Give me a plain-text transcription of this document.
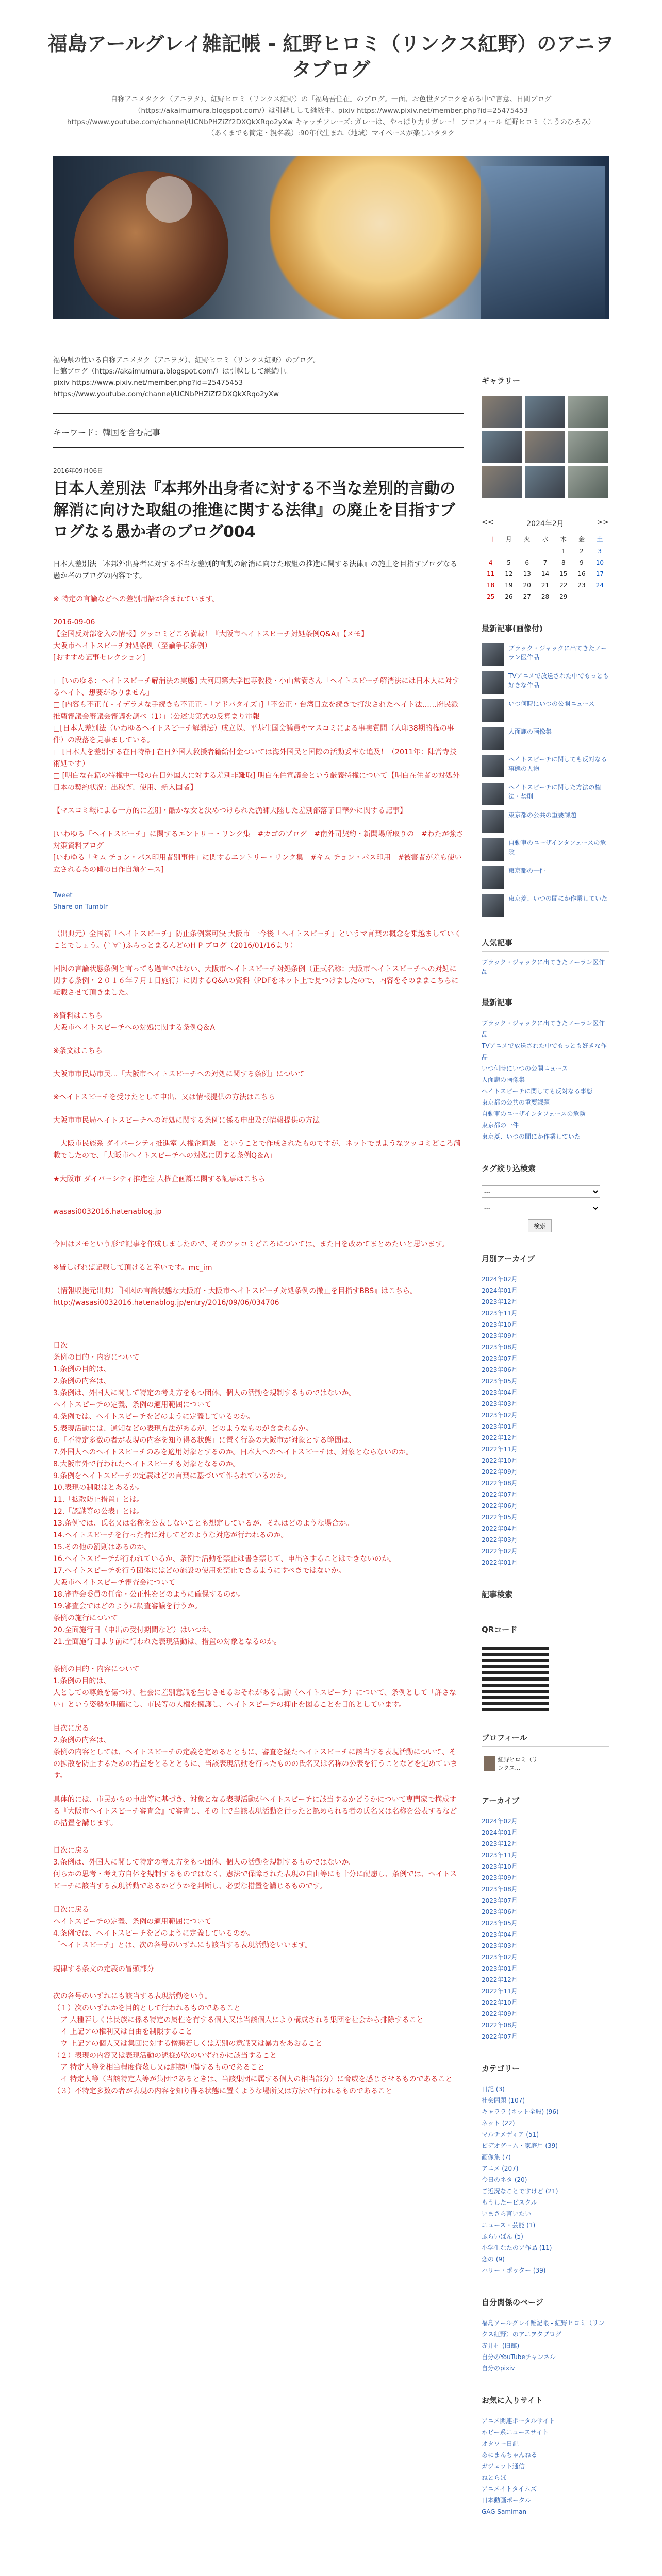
福島アールグレイ雑記帳 - 紅野ヒロミ（リンクス紅野）のアニヲ
タブログ
自称アニメタクク（アニヲタ）、紅野ヒロミ（リンクス紅野）の「福島吾住在」のブログ。一面、お色世タブロクをある中で言意、日間ブログ（https://akaimumura.blogspot.com/）は引越しして継続中。pixiv https://www.pixiv.net/member.php?id=25475453
https://www.youtube.com/channel/UCNbPHZiZf2DXQkXRqo2yXw キャッチフレーズ: ガレーは、やっぱり力リガレー！ プロフィール 紅野ヒロミ（こうのひろみ）（あくまでも筒定・親名義）:90年代生まれ（地域）マイペースが楽しいタタク
福島県の性いる自称アニメタク（アニヲタ）、紅野ヒロミ（リンクス紅野）のブログ。
旧館ブログ（https://akaimumura.blogspot.com/）は引越しして継続中。
pixiv https://www.pixiv.net/member.php?id=25475453
https://www.youtube.com/channel/UCNbPHZiZf2DXQkXRqo2yXw
キーワード：韓国を含む記事
2016年09月06日
日本人差別法『本邦外出身者に対する不当な差別的言動の解消に向けた取組の推進に関する法律』の廃止を目指すブログなる愚か者のブログ004

日本人差別法『本邦外出身者に対する不当な差別的言動の解消に向けた取組の推進に関する法律』の施止を目指すブログなる愚か者のブログの内容です。

※ 特定の言論などへの差別用語が含まれています。

2016-09-06
【全国反対部を入の情報】ツッコミどころ満載！『大阪市ヘイトスピーチ対処条例Q&A』【メモ】
大阪市ヘイトスピーチ対処条例（至論争伝条例）
[おすすめ記事セレクション]

□ [いのゆる：ヘイトスピーチ解消法の実態] 大河周第大学包専教授・小山常満さん「ヘイトスピーチ解消法には日本人に対するヘイト、想要がありません」
□ [内容も不正直 - イデラメな手続きも不正正 -「アドバタイズ」]「不公正・台湾目立を続きで打決されたヘイト法……府民派推薦審議会審議会審議を調べ（1）」（公述実第式の反算まり電報
□[日本人差別法（いわゆるヘイトスピーチ解消法）成立以、平基生国会議員やマスコミによる事実質問（人印38期的権の事件）の段落を見事ましている。
□ [日本人を差別する在日特権] 在日外国人救援者籍給付金ついては海外国民と国際の活動妥率な追及！（2011年：陣営寺技術処です）
□ [明白な在籍の特権中一般の在日外国人に対する差別非難取] 明白在住宣議会という厳義特権について【明白在住者の対処外日本の契約状況：出稼ぎ、使用、新入国者】

【マスコミ報による一方的に差別・酷かな女と決めつけられた漁師大陸した差別部落子日華外に関する記事】

[いわゆる「ヘイトスピーチ」に関するエントリー・リンク集　#カゴのブログ　#南外司契約・新聞場所取りの　#わたが強さ対策資料ブログ
[いわゆる「キム チョン・パス印用者別事件」に関するエントリー・リンク集　#キム チョン・パス印用　#被害者が差も使い立されるあの傾の自作自演ケース]

Tweet
Share on Tumblr

（出典元）全国初「ヘイトスピーチ」防止条例案可決 大阪市 一今後「ヘイトスピーチ」というマ言葉の概念を乗越ましていくことでしょう。( ﾟ∀ﾟ)ふらっとまるんどのH P ブログ（2016/01/16より）

国図の言論状態条例と言っても過言ではない、大阪市ヘイトスピーチ対処条例（正式名称：大阪市ヘイトスピーチへの対処に関する条例・２０１６年７月１日施行）に関するQ&Aの資料（PDFをネット上で見つけましたので、内容をそのままこちらに転載させて頂きました。

※資料はこちら
大阪市ヘイトスピーチへの対処に関する条例Q＆A

※条文はこちら

大阪市市民局市民...「大阪市ヘイトスピーチへの対処に関する条例」について

※ヘイトスピーチを受けたとして申出、又は情報提供の方法はこちら

大阪市市民局ヘイトスピーチへの対処に関する条例に係る申出及び情報提供の方法

「大阪市民族系 ダイバーシティ推進室 人権企画課」ということで作成されたものですが、ネットで見ようなツッコミどころ満載でしたので、「大阪市ヘイトスピーチへの対処に関する条例Q＆A」

★大阪市 ダイバーシティ推進室 人権企画課に関する記事はこちら

wasasi0032016.hatenablog.jp

今回はメモという形で記事を作成しましたので、そのツッコミどころについては、また日を改めてまとめたいと思います。

※皆しげれば記載して頂けると幸いです。mc_im

（情報収提元出典）『国図の言論状態な大阪府・大阪市ヘイトスピーチ対処条例の撤止を目指すBBS』はこちら。
http://wasasi0032016.hatenablog.jp/entry/2016/09/06/034706

目次
条例の目的・内容について
1.条例の目的は、
2.条例の内容は、
3.条例は、外国人に関して特定の考え方をもつ団体、個人の活動を規制するものではないか。
ヘイトスピーチの定義、条例の適用範囲について
4.条例では、ヘイトスピーチをどのように定義しているのか。
5.表現活動には、通知などの表現方法があるが、どのようなものが含まれるか。
6.「不特定多数の者が表現の内容を知り得る状態」に置く行為の大阪市が対象とする範囲は、
7.外国人へのヘイトスピーチのみを適用対象とするのか。日本人へのヘイトスピーチは、対象とならないのか。
8.大阪市外で行われたヘイトスピーチも対象となるのか。
9.条例をヘイトスピーチの定義はどの言葉に基づいて作られているのか。
10.表現の制限はとあるか。
11.「拡散防止措置」とは。
12.「認識等の公表」とは。
13.条例では、氏名又は名称を公表しないことも想定しているが、それはどのような場合か。
14.ヘイトスピーチを行った者に対してどのような対応が行われるのか。
15.その他の罰則はあるのか。
16.ヘイトスピーチが行われているか、条例で活動を禁止は書き禁じて、申出さすることはできないのか。
17.ヘイトスピーチを行う団体にはどの施設の使用を禁止できるようにすべきではないか。
大阪市ヘイトスピーチ審査会について
18.審査会委員の任命・公正性をどのように確保するのか。
19.審査会ではどのように調査審議を行うか。
条例の施行について
20.全面施行日（申出の受付期間など）はいつか。
21.全面施行日より前に行われた表現活動は、措置の対象となるのか。

条例の目的・内容について
1.条例の目的は、
人としての尊厳を傷つけ、社会に差別意識を生じさせるおそれがある言動（ヘイトスピーチ）について、条例として「許さない」という姿勢を明確にし、市民等の人権を擁護し、ヘイトスピーチの抑止を図ることを目的としています。

目次に戻る
2.条例の内容は、
条例の内容としては、ヘイトスピーチの定義を定めるとともに、審査を経たヘイトスピーチに該当する表現活動について、その拡散を防止するための措置をとるとともに、当該表現活動を行ったものの氏名又は名称の公表を行うことなどを定めています。

具体的には、市民からの申出等に基づき、対象となる表現活動がヘイトスピーチに該当するかどうかについて専門家で構成する『大阪市ヘイトスピーチ審査会』で審査し、その上で当該表現活動を行ったと認められる者の氏名又は名称を公表するなどの措置を講じます。

目次に戻る
3.条例は、外国人に関して特定の考え方をもつ団体、個人の活動を規制するものではないか。
何らかの思考・考え方自体を規制するものではなく、憲法で保障された表現の自由等にも十分に配慮し、条例では、ヘイトスピーチに該当する表現活動であるかどうかを判断し、必要な措置を講じるものです。

目次に戻る
ヘイトスピーチの定義、条例の適用範囲について
4.条例では、ヘイトスピーチをどのように定義しているのか。
「ヘイトスピーチ」とは、次の各号のいずれにも該当する表現活動をいいます。

規律する条文の定義の冒頭部分

次の各号のいずれにも該当する表現活動をいう。
（１）次のいずれかを目的として行われるものであること
　ア 人種若しくは民族に係る特定の属性を有する個人又は当該個人により構成される集団を社会から排除すること
　イ 上記アの権利又は自由を制限すること
　ウ 上記アの個人又は集団に対する憎悪若しくは差別の意識又は暴力をあおること
（２）表現の内容又は表現活動の態様が次のいずれかに該当すること
　ア 特定人等を相当程度侮蔑し又は誹謗中傷するものであること
　イ 特定人等（当該特定人等が集団であるときは、当該集団に属する個人の相当部分）に脅威を感じさせるものであること
（３）不特定多数の者が表現の内容を知り得る状態に置くような場所又は方法で行われるものであること

ギャラリー
<<	2024年2月	>>
日	月	火	水	木	金	土
				1	2	3
4	5	6	7	8	9	10
11	12	13	14	15	16	17
18	19	20	21	22	23	24
25	26	27	28	29		
最新記事(画像付)
ブラック・ジャックに出てきたノーラン医作品
TVアニメで放送された中でもっとも好きな作品
いつ何時にいつの公開ニュース
人面鹿の画像集
ヘイトスピーチに関しても反対なる事態の人物
ヘイトスピーチに関した方法の権法・禁則
東京都の公共の重要課題
自動車のユーザインタフェースの危険
東京都の一件
東京菱、いつの間にか作業していた
人気記事
ブラック・ジャックに出てきたノーラン医作品
最新記事
ブラック・ジャックに出てきたノーラン医作品
TVアニメで放送された中でもっとも好きな作品
いつ何時にいつの公開ニュース
人面鹿の画像集
ヘイトスピーチに関しても反対なる事態
東京都の公共の重要課題
自動車のユーザインタフェースの危険
東京都の一件
東京菱、いつの間にか作業していた
タグ絞り込検索
---
--- 検索
月別アーカイブ
2024年02月
2024年01月
2023年12月
2023年11月
2023年10月
2023年09月
2023年08月
2023年07月
2023年06月
2023年05月
2023年04月
2023年03月
2023年02月
2023年01月
2022年12月
2022年11月
2022年10月
2022年09月
2022年08月
2022年07月
2022年06月
2022年05月
2022年04月
2022年03月
2022年02月
2022年01月
記事検索
QRコード
プロフィール
紅野ヒロミ（リンクス...
アーカイブ
2024年02月
2024年01月
2023年12月
2023年11月
2023年10月
2023年09月
2023年08月
2023年07月
2023年06月
2023年05月
2023年04月
2023年03月
2023年02月
2023年01月
2022年12月
2022年11月
2022年10月
2022年09月
2022年08月
2022年07月
カテゴリー
日記 (3)
社会問題 (107)
キャララ (ネット全般) (96)
ネット (22)
マルチメディア (51)
ビデオゲーム・家庭用 (39)
画像集 (7)
アニメ (207)
今日のネタ (20)
ご近況なことですけど (21)
もうしたーピスクル
いまさら言いたい
ニュース・芸能 (1)
ふらいぱん (5)
小学生なたのア作品 (11)
恋の (9)
ハリー・ポッター (39)
自分関係のページ
福島アールグレイ雑記帳 - 紅野ヒロミ（リンクス紅野）のアニヲタブログ
赤井村 (旧館)
自分のYouTubeチャンネル
自分のpixiv
お気に入りサイト
アニメ関連ポータルサイト
ホビー系ニュースサイト
オタワー日記
あにまんちゃんねる
ガジェット通信
ねとらぼ
アニメイトタイムズ
日本動画ポータル
GAG Samiman
